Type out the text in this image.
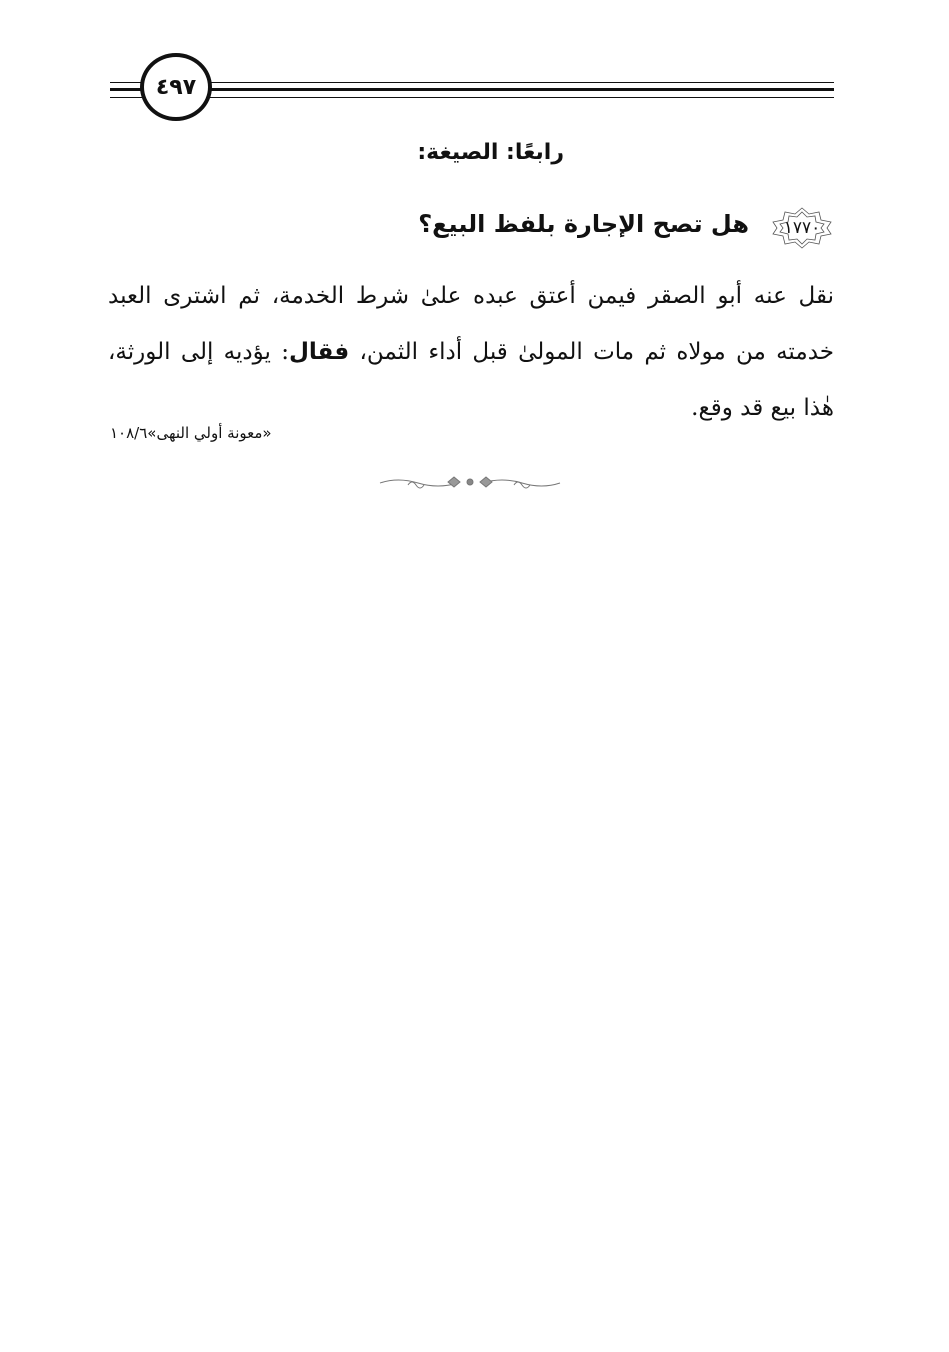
٤٩٧
رابعًا: الصيغة:
١٧٧٠
هل تصح الإجارة بلفظ البيع؟
نقل عنه أبو الصقر فيمن أعتق عبده علىٰ شرط الخدمة، ثم اشترى العبد خدمته من مولاه ثم مات المولىٰ قبل أداء الثمن، فقال: يؤديه إلى الورثة، هٰذا بيع قد وقع.
«معونة أولي النهى»١٠٨/٦
